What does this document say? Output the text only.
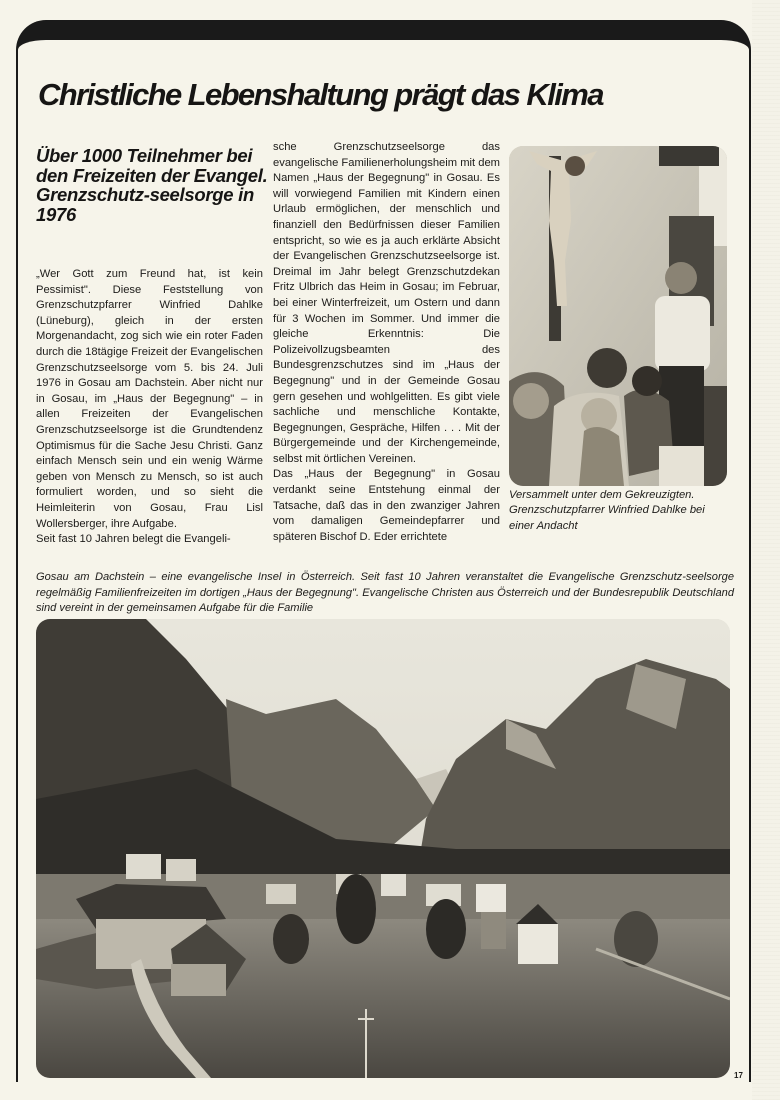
Christliche Lebenshaltung prägt das Klima
Über 1000 Teilnehmer bei den Freizeiten der Evangel. Grenzschutz-seelsorge in 1976

„Wer Gott zum Freund hat, ist kein Pessimist". Diese Feststellung von Grenzschutzpfarrer Winfried Dahlke (Lüneburg), gleich in der ersten Morgenandacht, zog sich wie ein roter Faden durch die 18tägige Freizeit der Evangelischen Grenzschutzseelsorge vom 5. bis 24. Juli 1976 in Gosau am Dachstein. Aber nicht nur in Gosau, im „Haus der Begegnung" – in allen Freizeiten der Evangelischen Grenzschutzseelsorge ist die Grundtendenz Optimismus für die Sache Jesu Christi. Ganz einfach Mensch sein und ein wenig Wärme geben von Mensch zu Mensch, so ist auch formuliert worden, und so sieht die Heimleiterin von Gosau, Frau Lisl Wollersberger, ihre Aufgabe.

Seit fast 10 Jahren belegt die Evangeli-

sche Grenzschutzseelsorge das evangelische Familienerholungsheim mit dem Namen „Haus der Begegnung" in Gosau. Es will vorwiegend Familien mit Kindern einen Urlaub ermöglichen, der menschlich und finanziell den Bedürfnissen dieser Familien entspricht, so wie es ja auch erklärte Absicht der Evangelischen Grenzschutzseelsorge ist. Dreimal im Jahr belegt Grenzschutzdekan Fritz Ulbrich das Heim in Gosau; im Februar, bei einer Winterfreizeit, um Ostern und dann für 3 Wochen im Sommer. Und immer die gleiche Erkenntnis: Die Polizeivollzugsbeamten des Bundesgrenzschutzes sind im „Haus der Begegnung" und in der Gemeinde Gosau gern gesehen und wohlgelitten. Es gibt viele sachliche und menschliche Kontakte, Begegnungen, Gespräche, Hilfen . . . Mit der Bürgergemeinde und der Kirchengemeinde, selbst mit örtlichen Vereinen.

Das „Haus der Begegnung" in Gosau verdankt seine Entstehung einmal der Tatsache, daß das in den zwanziger Jahren vom damaligen Gemeindepfarrer und späteren Bischof D. Eder errichtete

Versammelt unter dem Gekreuzigten. Grenzschutzpfarrer Winfried Dahlke bei einer Andacht

Gosau am Dachstein – eine evangelische Insel in Österreich. Seit fast 10 Jahren veranstaltet die Evangelische Grenzschutz-seelsorge regelmäßig Familienfreizeiten im dortigen „Haus der Begegnung". Evangelische Christen aus Österreich und der Bundesrepublik Deutschland sind vereint in der gemeinsamen Aufgabe für die Familie

17
